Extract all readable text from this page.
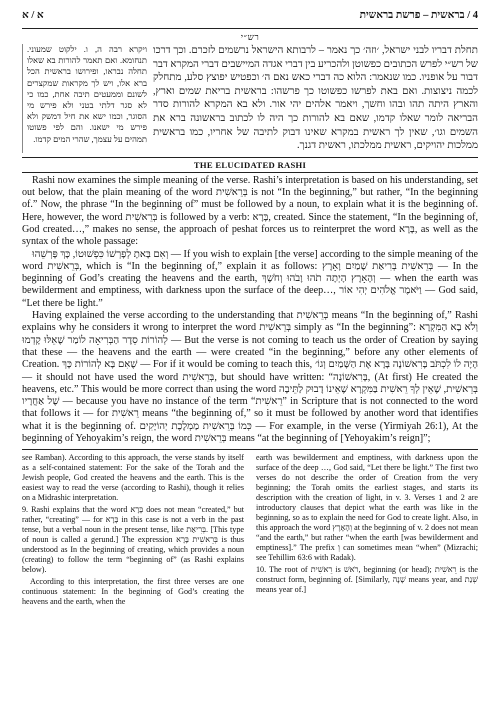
א / א	4 / בראשית – פרשת בראשית
רש״י
תחלת דבריו לבני ישראל, ׳וזה׳ כך נאמר – לרבותא הישראל נרשמים לזכרם. וכך דרכו של רש״י לפרש הכתובים כפשוטן ולהכריע בין דברי אגדה המיישבים דברי המקרא דבר דבור על אופניו. כמו שנאמר: הלוא כה דברי כאש נאם ה׳ וכפטיש יפוצץ סלע, מתחלק לכמה ניצוצות. ואם באת לפרשו כפשוטו כך פרשהו: בראשית בריאת שמים וארץ, והארץ היתה תהו ובהו וחשך, ויאמר אלהים יהי אור. ולא בא המקרא להורות סדר הבריאה לומר שאלו קדמו, שאם בא להורות כך היה לו לכתוב בראשונה ברא את השמים וגו׳, שאין לך ראשית במקרא שאינו דבוק לתיבה של אחריו, כמו בראשית ממלכות יהויקים, ראשית ממלכתו, ראשית דגנך.
ויקרא רבה ה, ו. ילקוט שמעוני. תנחומא. ואם תאמר להורות בא שאלו תחלה נבראו, ופירושו בראשית הכל ברא אלו, ויש לך מקראות שמקצרים לשונם וממעטים תיבה אחת, כמו כי לא סגר דלתי בטני ולא פירש מי הסוגר, וכמו ישא את חיל דמשק ולא פירש מי ישאנו. והם לפי פשוטו תמהים על עצמך, שהרי המים קדמו.
THE ELUCIDATED RASHI

Rashi now examines the simple meaning of the verse. Rashi’s interpretation is based on his understanding, set out below, that the plain meaning of the word בְּרֵאשִׁית is not “In the beginning,” but rather, “In the beginning of.” Now, the phrase “In the beginning of” must be followed by a noun, to explain what it is the beginning of. Here, however, the word בְּרֵאשִׁית is followed by a verb: בָּרָא, created. Since the statement, “In the beginning of, God created…,” makes no sense, the approach of peshat forces us to reinterpret the word בָּרָא, as well as the syntax of the whole passage:

וְאִם בָּאתָ לְפָרְשׁוֹ כִּפְשׁוּטוֹ, כָּךְ פָּרְשֵׁהוּ — If you wish to explain [the verse] according to the simple meaning of the word בְּרֵאשִׁית, which is “In the beginning of,” explain it as follows: בְּרֵאשִׁית בְּרִיאַת שָׁמַיִם וָאָרֶץ — In the beginning of God’s creating the heavens and the earth, וְהָאָרֶץ הָיְתָה תֹהוּ וָבֹהוּ וְחֹשֶׁךְ — when the earth was bewilderment and emptiness, with darkness upon the surface of the deep…, וַיֹּאמֶר אֱלֹהִים יְהִי אוֹר — God said, “Let there be light.”

Having explained the verse according to the understanding that בְּרֵאשִׁית means “In the beginning of,” Rashi explains why he considers it wrong to interpret the word בְּרֵאשִׁית simply as “In the beginning”: וְלֹא בָא הַמִּקְרָא לְהוֹרוֹת סֵדֶר הַבְּרִיאָה לוֹמַר שֶׁאֵלּוּ קָדְמוּ — But the verse is not coming to teach us the order of Creation by saying that these — the heavens and the earth — were created “in the beginning,” before any other elements of Creation. שֶׁאִם בָּא לְהוֹרוֹת כָּךְ — For if it would be coming to teach this, הָיָה לוֹ לִכְתֹּב בָּרִאשׁוֹנָה בָּרָא אֶת הַשָּׁמַיִם וְגוֹ׳ — it should not have used the word בְּרֵאשִׁית, but should have written: “בָּרִאשׁוֹנָה, (At first) He created the heavens, etc.” This would be more correct than using the word בְּרֵאשִׁית, שֶׁאֵין לְךָ רֵאשִׁית בַּמִּקְרָא שֶׁאֵינוֹ דָבוּק לַתֵּיבָה שֶׁל אַחֲרָיו — because you have no instance of the term “רֵאשִׁית” in Scripture that is not connected to the word that follows it — for רֵאשִׁית means “the beginning of,” so it must be followed by another word that identifies what it is the beginning of. כְּמוֹ בְּרֵאשִׁית מַמְלֶכֶת יְהוֹיָקִים — For example, in the verse (Yirmiyah 26:1), At the beginning of Yehoyakim’s reign, the word בְּרֵאשִׁית means “at the beginning of [Yehoyakim’s reign]”;

see Ramban). According to this approach, the verse stands by itself as a self-contained statement: For the sake of the Torah and the Jewish people, God created the heavens and the earth. This is the easiest way to read the verse (according to Rashi), though it relies on a Midrashic interpretation.

9. Rashi explains that the word בָּרָא does not mean “created,” but rather, “creating” — for בָּרָא in this case is not a verb in the past tense, but a verbal noun in the present tense, like בְּרִיאַת. [This type of noun is called a gerund.] The expression בְּרֵאשִׁית בָּרָא is thus understood as In the beginning of creating, which provides a noun (creating) to follow the term “beginning of” (as Rashi explains below).

According to this interpretation, the first three verses are one continuous statement: In the beginning of God’s creating the heavens and the earth, when the

earth was bewilderment and emptiness, with darkness upon the surface of the deep …, God said, “Let there be light.” The first two verses do not describe the order of Creation from the very beginning; the Torah omits the earliest stages, and starts its description with the creation of light, in v. 3. Verses 1 and 2 are introductory clauses that depict what the earth was like in the beginning, so as to explain the need for God to create light. Also, in this approach the word וְהָאָרֶץ at the beginning of v. 2 does not mean “and the earth,” but rather “when the earth [was bewilderment and emptiness].” The prefix וְ can sometimes mean “when” (Mizrachi; see Tehillim 63:6 with Radak).

10. The root of רֵאשִׁית is רֹאשׁ, beginning (or head); רֵאשִׁית is the construct form, beginning of. [Similarly, שָׁנָה means year, and שְׁנַת means year of.]
